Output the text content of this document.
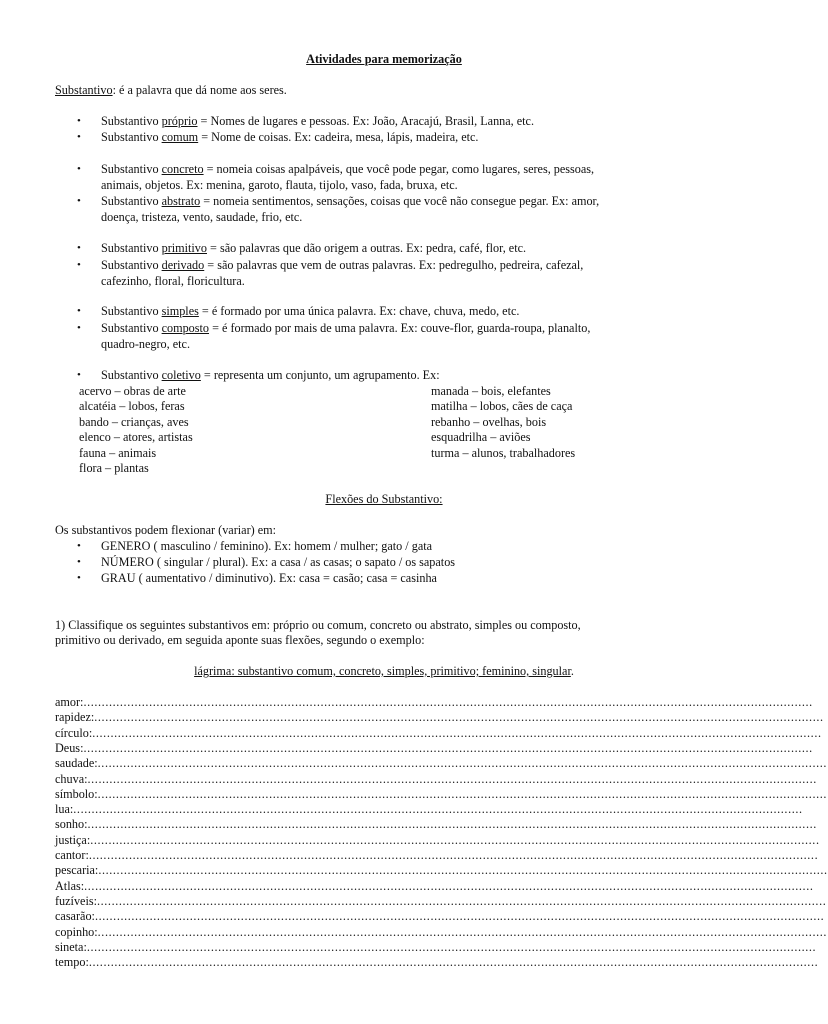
Atividades para memorização
Substantivo: é a palavra que dá nome aos seres.
• Substantivo próprio = Nomes de lugares e pessoas. Ex: João, Aracajú, Brasil, Lanna, etc.
• Substantivo comum = Nome de coisas. Ex: cadeira, mesa, lápis, madeira, etc.
• Substantivo concreto = nomeia coisas apalpáveis, que você pode pegar, como lugares, seres, pessoas,
animais, objetos. Ex: menina, garoto, flauta, tijolo, vaso, fada, bruxa, etc.
• Substantivo abstrato = nomeia sentimentos, sensações, coisas que você não consegue pegar. Ex: amor,
doença, tristeza, vento, saudade, frio, etc.
• Substantivo primitivo = são palavras que dão origem a outras. Ex: pedra, café, flor, etc.
• Substantivo derivado = são palavras que vem de outras palavras. Ex: pedregulho, pedreira, cafezal,
cafezinho, floral, floricultura.
• Substantivo simples = é formado por uma única palavra. Ex: chave, chuva, medo, etc.
• Substantivo composto = é formado por mais de uma palavra. Ex: couve-flor, guarda-roupa, planalto,
quadro-negro, etc.
• Substantivo coletivo = representa um conjunto, um agrupamento. Ex:
acervo – obras de arte
alcatéia – lobos, feras
bando – crianças, aves
elenco – atores, artistas
fauna – animais
flora – plantas
manada – bois, elefantes
matilha – lobos, cães de caça
rebanho – ovelhas, bois
esquadrilha – aviões
turma – alunos, trabalhadores
Flexões do Substantivo:
Os substantivos podem flexionar (variar) em:
• GENERO ( masculino / feminino). Ex: homem / mulher; gato / gata
• NÚMERO ( singular / plural). Ex: a casa / as casas; o sapato / os sapatos
• GRAU ( aumentativo / diminutivo). Ex: casa = casão; casa = casinha
1) Classifique os seguintes substantivos em: próprio ou comum, concreto ou abstrato, simples ou composto,
primitivo ou derivado, em seguida aponte suas flexões, segundo o exemplo:
lágrima: substantivo comum, concreto, simples, primitivo; feminino, singular.
amor : ........................................................................................................................................................................................................
rapidez : ........................................................................................................................................................................................................
círculo : ........................................................................................................................................................................................................
Deus : ........................................................................................................................................................................................................
saudade : ........................................................................................................................................................................................................
chuva : ........................................................................................................................................................................................................
símbolo : ........................................................................................................................................................................................................
lua : ........................................................................................................................................................................................................
sonho : ........................................................................................................................................................................................................
justiça : ........................................................................................................................................................................................................
cantor : ........................................................................................................................................................................................................
pescaria : ........................................................................................................................................................................................................
Atlas : ........................................................................................................................................................................................................
fuzíveis : ........................................................................................................................................................................................................
casarão : ........................................................................................................................................................................................................
copinho : ........................................................................................................................................................................................................
sineta : ........................................................................................................................................................................................................
tempo : ........................................................................................................................................................................................................
